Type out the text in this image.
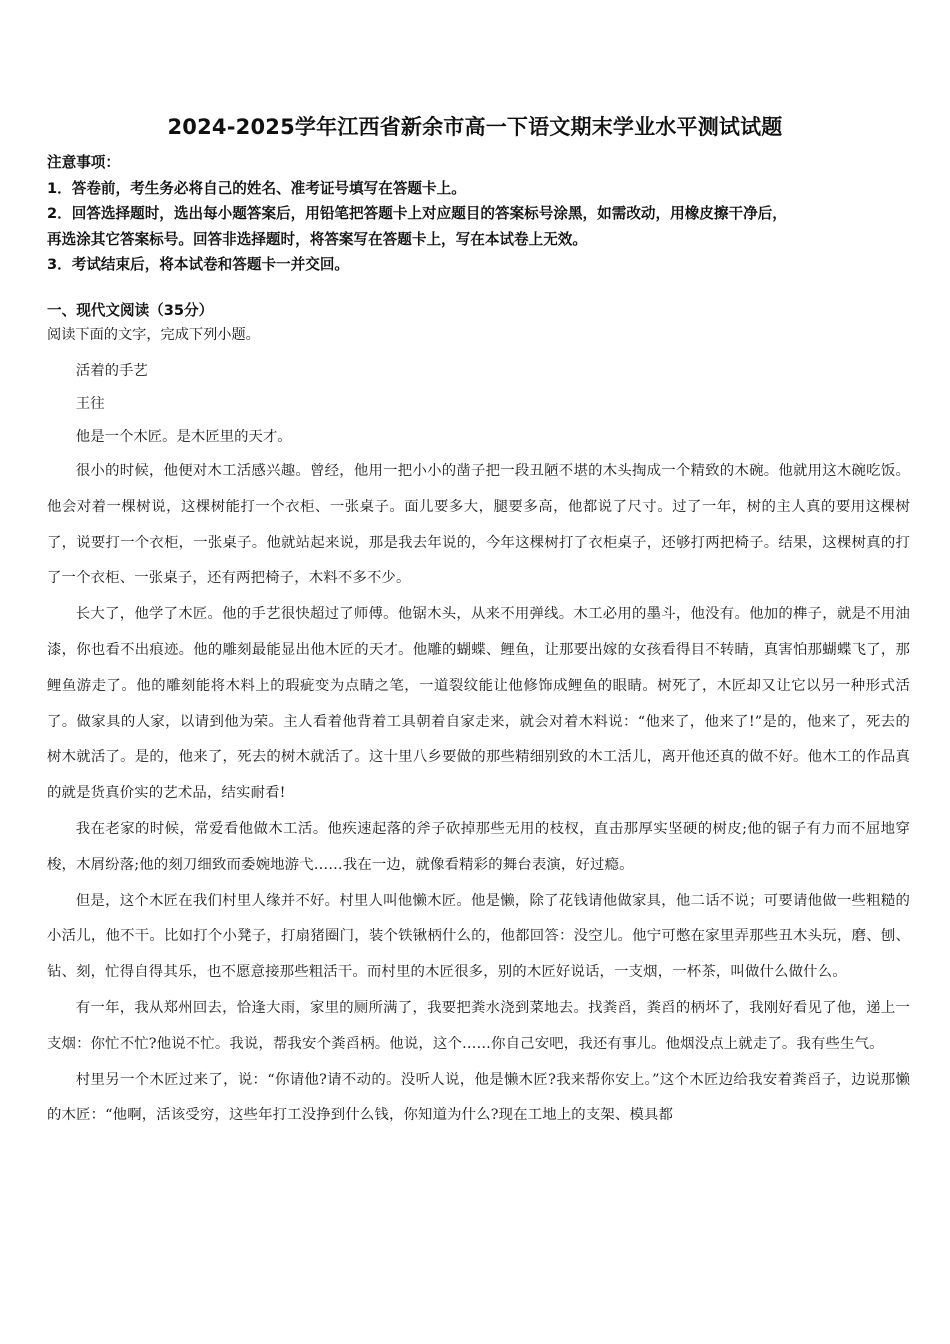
2024-2025学年江西省新余市高一下语文期末学业水平测试试题
注意事项：
1．答卷前，考生务必将自己的姓名、准考证号填写在答题卡上。
2．回答选择题时，选出每小题答案后，用铅笔把答题卡上对应题目的答案标号涂黑，如需改动，用橡皮擦干净后，
再选涂其它答案标号。回答非选择题时，将答案写在答题卡上，写在本试卷上无效。
3．考试结束后，将本试卷和答题卡一并交回。
一、现代文阅读（35分）
阅读下面的文字，完成下列小题。
活着的手艺
王往
他是一个木匠。是木匠里的天才。

很小的时候，他便对木工活感兴趣。曾经，他用一把小小的凿子把一段丑陋不堪的木头掏成一个精致的木碗。他就用这木碗吃饭。他会对着一棵树说，这棵树能打一个衣柜、一张桌子。面儿要多大，腿要多高，他都说了尺寸。过了一年，树的主人真的要用这棵树了，说要打一个衣柜，一张桌子。他就站起来说，那是我去年说的，今年这棵树打了衣柜桌子，还够打两把椅子。结果，这棵树真的打了一个衣柜、一张桌子，还有两把椅子，木料不多不少。

长大了，他学了木匠。他的手艺很快超过了师傅。他锯木头，从来不用弹线。木工必用的墨斗，他没有。他加的榫子，就是不用油漆，你也看不出痕迹。他的雕刻最能显出他木匠的天才。他雕的蝴蝶、鲤鱼，让那要出嫁的女孩看得目不转睛，真害怕那蝴蝶飞了，那鲤鱼游走了。他的雕刻能将木料上的瑕疵变为点睛之笔，一道裂纹能让他修饰成鲤鱼的眼睛。树死了，木匠却又让它以另一种形式活了。做家具的人家，以请到他为荣。主人看着他背着工具朝着自家走来，就会对着木料说：“他来了，他来了!”是的，他来了，死去的树木就活了。是的，他来了，死去的树木就活了。这十里八乡要做的那些精细别致的木工活儿，离开他还真的做不好。他木工的作品真的就是货真价实的艺术品，结实耐看!

我在老家的时候，常爱看他做木工活。他疾速起落的斧子砍掉那些无用的枝杈，直击那厚实坚硬的树皮;他的锯子有力而不屈地穿梭，木屑纷落;他的刻刀细致而委婉地游弋……我在一边，就像看精彩的舞台表演，好过瘾。

但是，这个木匠在我们村里人缘并不好。村里人叫他懒木匠。他是懒，除了花钱请他做家具，他二话不说；可要请他做一些粗糙的小活儿，他不干。比如打个小凳子，打扇猪圈门，装个铁锹柄什么的，他都回答：没空儿。他宁可憋在家里弄那些丑木头玩，磨、刨、钻、刻，忙得自得其乐，也不愿意接那些粗活干。而村里的木匠很多，别的木匠好说话，一支烟，一杯茶，叫做什么做什么。

有一年，我从郑州回去，恰逢大雨，家里的厕所满了，我要把粪水浇到菜地去。找粪舀，粪舀的柄坏了，我刚好看见了他，递上一支烟：你忙不忙?他说不忙。我说，帮我安个粪舀柄。他说，这个……你自己安吧，我还有事儿。他烟没点上就走了。我有些生气。

村里另一个木匠过来了，说：“你请他?请不动的。没听人说，他是懒木匠?我来帮你安上。”这个木匠边给我安着粪舀子，边说那懒的木匠：“他啊，活该受穷，这些年打工没挣到什么钱，你知道为什么?现在工地上的支架、模具都
